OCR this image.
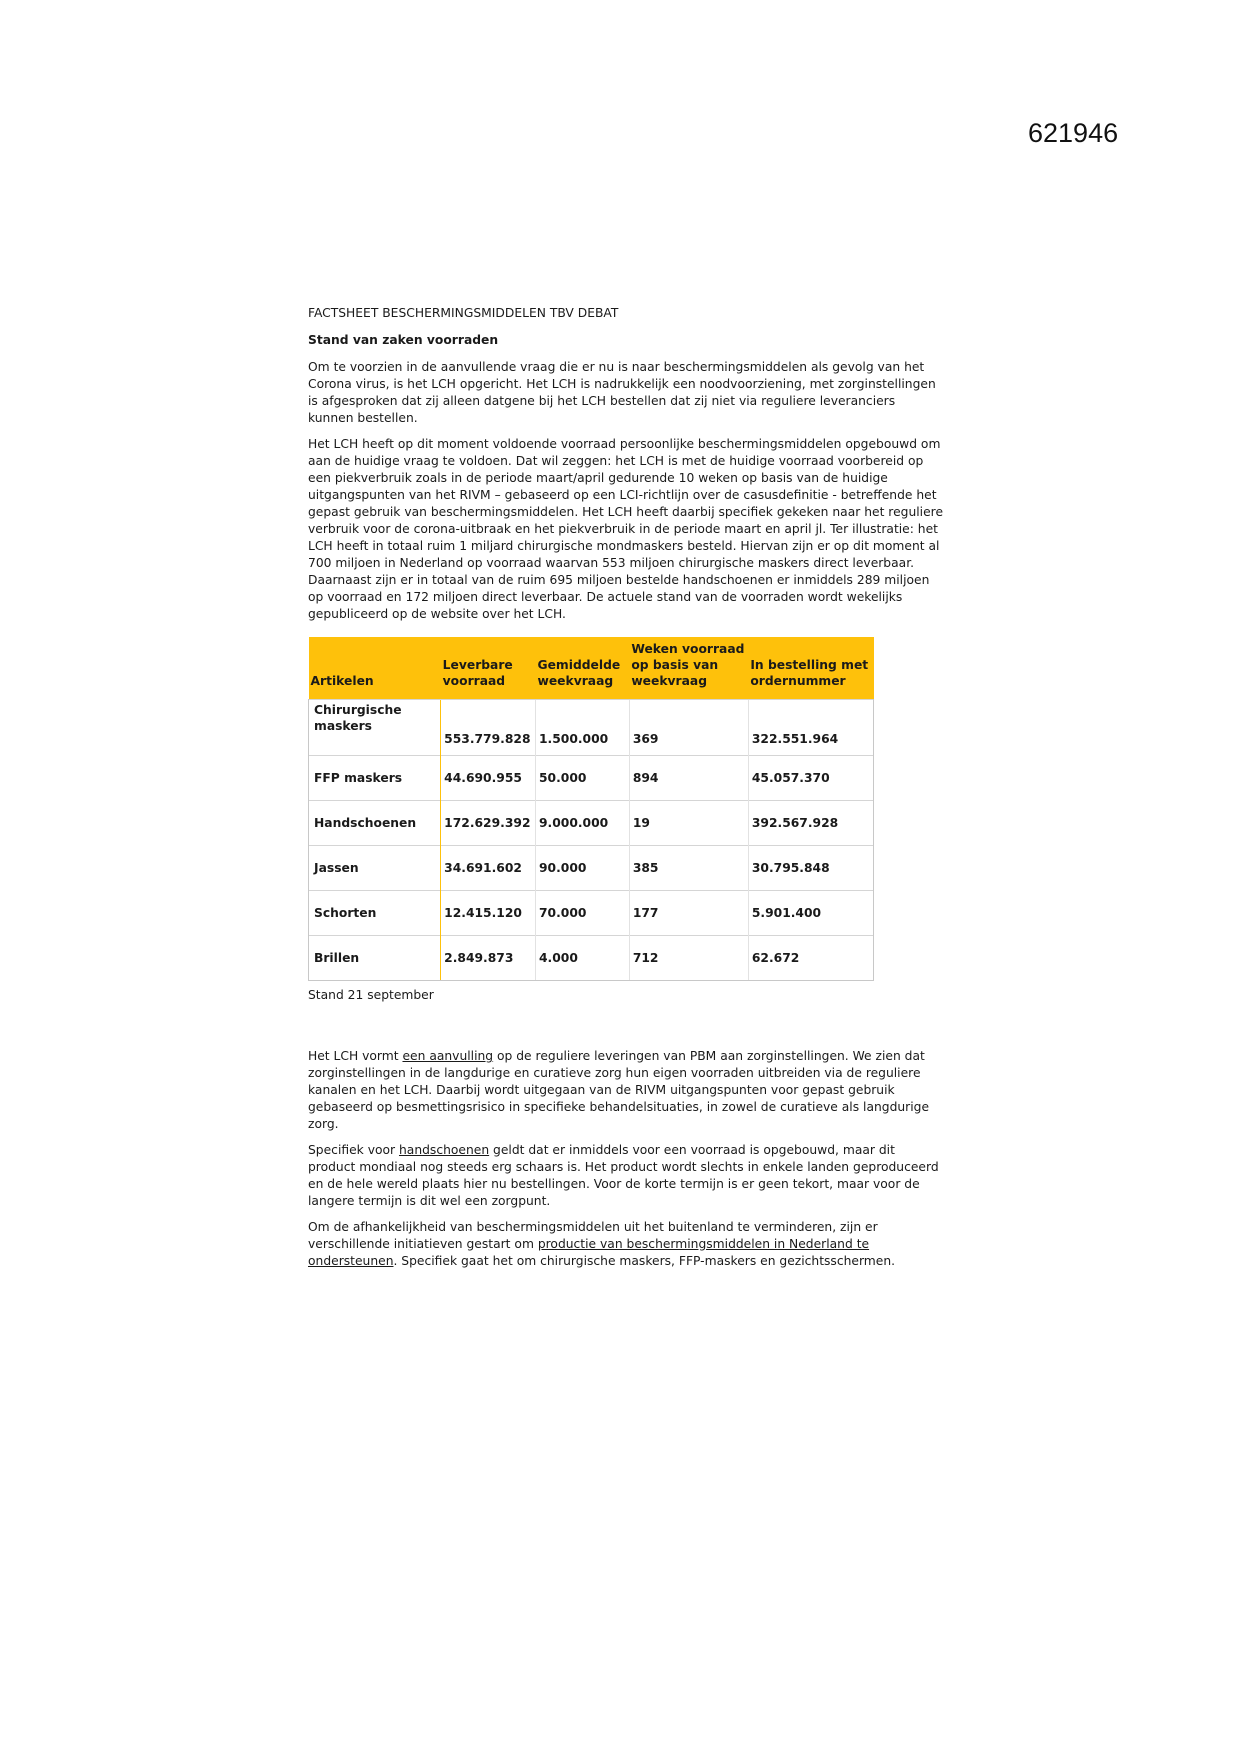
621946

FACTSHEET BESCHERMINGSMIDDELEN TBV DEBAT

Stand van zaken voorraden

Om te voorzien in de aanvullende vraag die er nu is naar beschermingsmiddelen als gevolg van het Corona virus, is het LCH opgericht. Het LCH is nadrukkelijk een noodvoorziening, met zorginstellingen is afgesproken dat zij alleen datgene bij het LCH bestellen dat zij niet via reguliere leveranciers kunnen bestellen.

Het LCH heeft op dit moment voldoende voorraad persoonlijke beschermingsmiddelen opgebouwd om aan de huidige vraag te voldoen. Dat wil zeggen: het LCH is met de huidige voorraad voorbereid op een piekverbruik zoals in de periode maart/april gedurende 10 weken op basis van de huidige uitgangspunten van het RIVM – gebaseerd op een LCI-richtlijn over de casusdefinitie - betreffende het gepast gebruik van beschermingsmiddelen. Het LCH heeft daarbij specifiek gekeken naar het reguliere verbruik voor de corona-uitbraak en het piekverbruik in de periode maart en april jl. Ter illustratie: het LCH heeft in totaal ruim 1 miljard chirurgische mondmaskers besteld. Hiervan zijn er op dit moment al 700 miljoen in Nederland op voorraad waarvan 553 miljoen chirurgische maskers direct leverbaar. Daarnaast zijn er in totaal van de ruim 695 miljoen bestelde handschoenen er inmiddels 289 miljoen op voorraad en 172 miljoen direct leverbaar. De actuele stand van de voorraden wordt wekelijks gepubliceerd op de website over het LCH.

Artikelen	Leverbare voorraad	Gemiddelde weekvraag	Weken voorraad op basis van weekvraag	In bestelling met ordernummer
Chirurgische maskers	553.779.828	1.500.000	369	322.551.964
FFP maskers	44.690.955	50.000	894	45.057.370
Handschoenen	172.629.392	9.000.000	19	392.567.928
Jassen	34.691.602	90.000	385	30.795.848
Schorten	12.415.120	70.000	177	5.901.400
Brillen	2.849.873	4.000	712	62.672

Stand 21 september

Het LCH vormt een aanvulling op de reguliere leveringen van PBM aan zorginstellingen. We zien dat zorginstellingen in de langdurige en curatieve zorg hun eigen voorraden uitbreiden via de reguliere kanalen en het LCH. Daarbij wordt uitgegaan van de RIVM uitgangspunten voor gepast gebruik gebaseerd op besmettingsrisico in specifieke behandelsituaties, in zowel de curatieve als langdurige zorg.

Specifiek voor handschoenen geldt dat er inmiddels voor een voorraad is opgebouwd, maar dit product mondiaal nog steeds erg schaars is. Het product wordt slechts in enkele landen geproduceerd en de hele wereld plaats hier nu bestellingen. Voor de korte termijn is er geen tekort, maar voor de langere termijn is dit wel een zorgpunt.

Om de afhankelijkheid van beschermingsmiddelen uit het buitenland te verminderen, zijn er verschillende initiatieven gestart om productie van beschermingsmiddelen in Nederland te ondersteunen. Specifiek gaat het om chirurgische maskers, FFP-maskers en gezichtsschermen.
